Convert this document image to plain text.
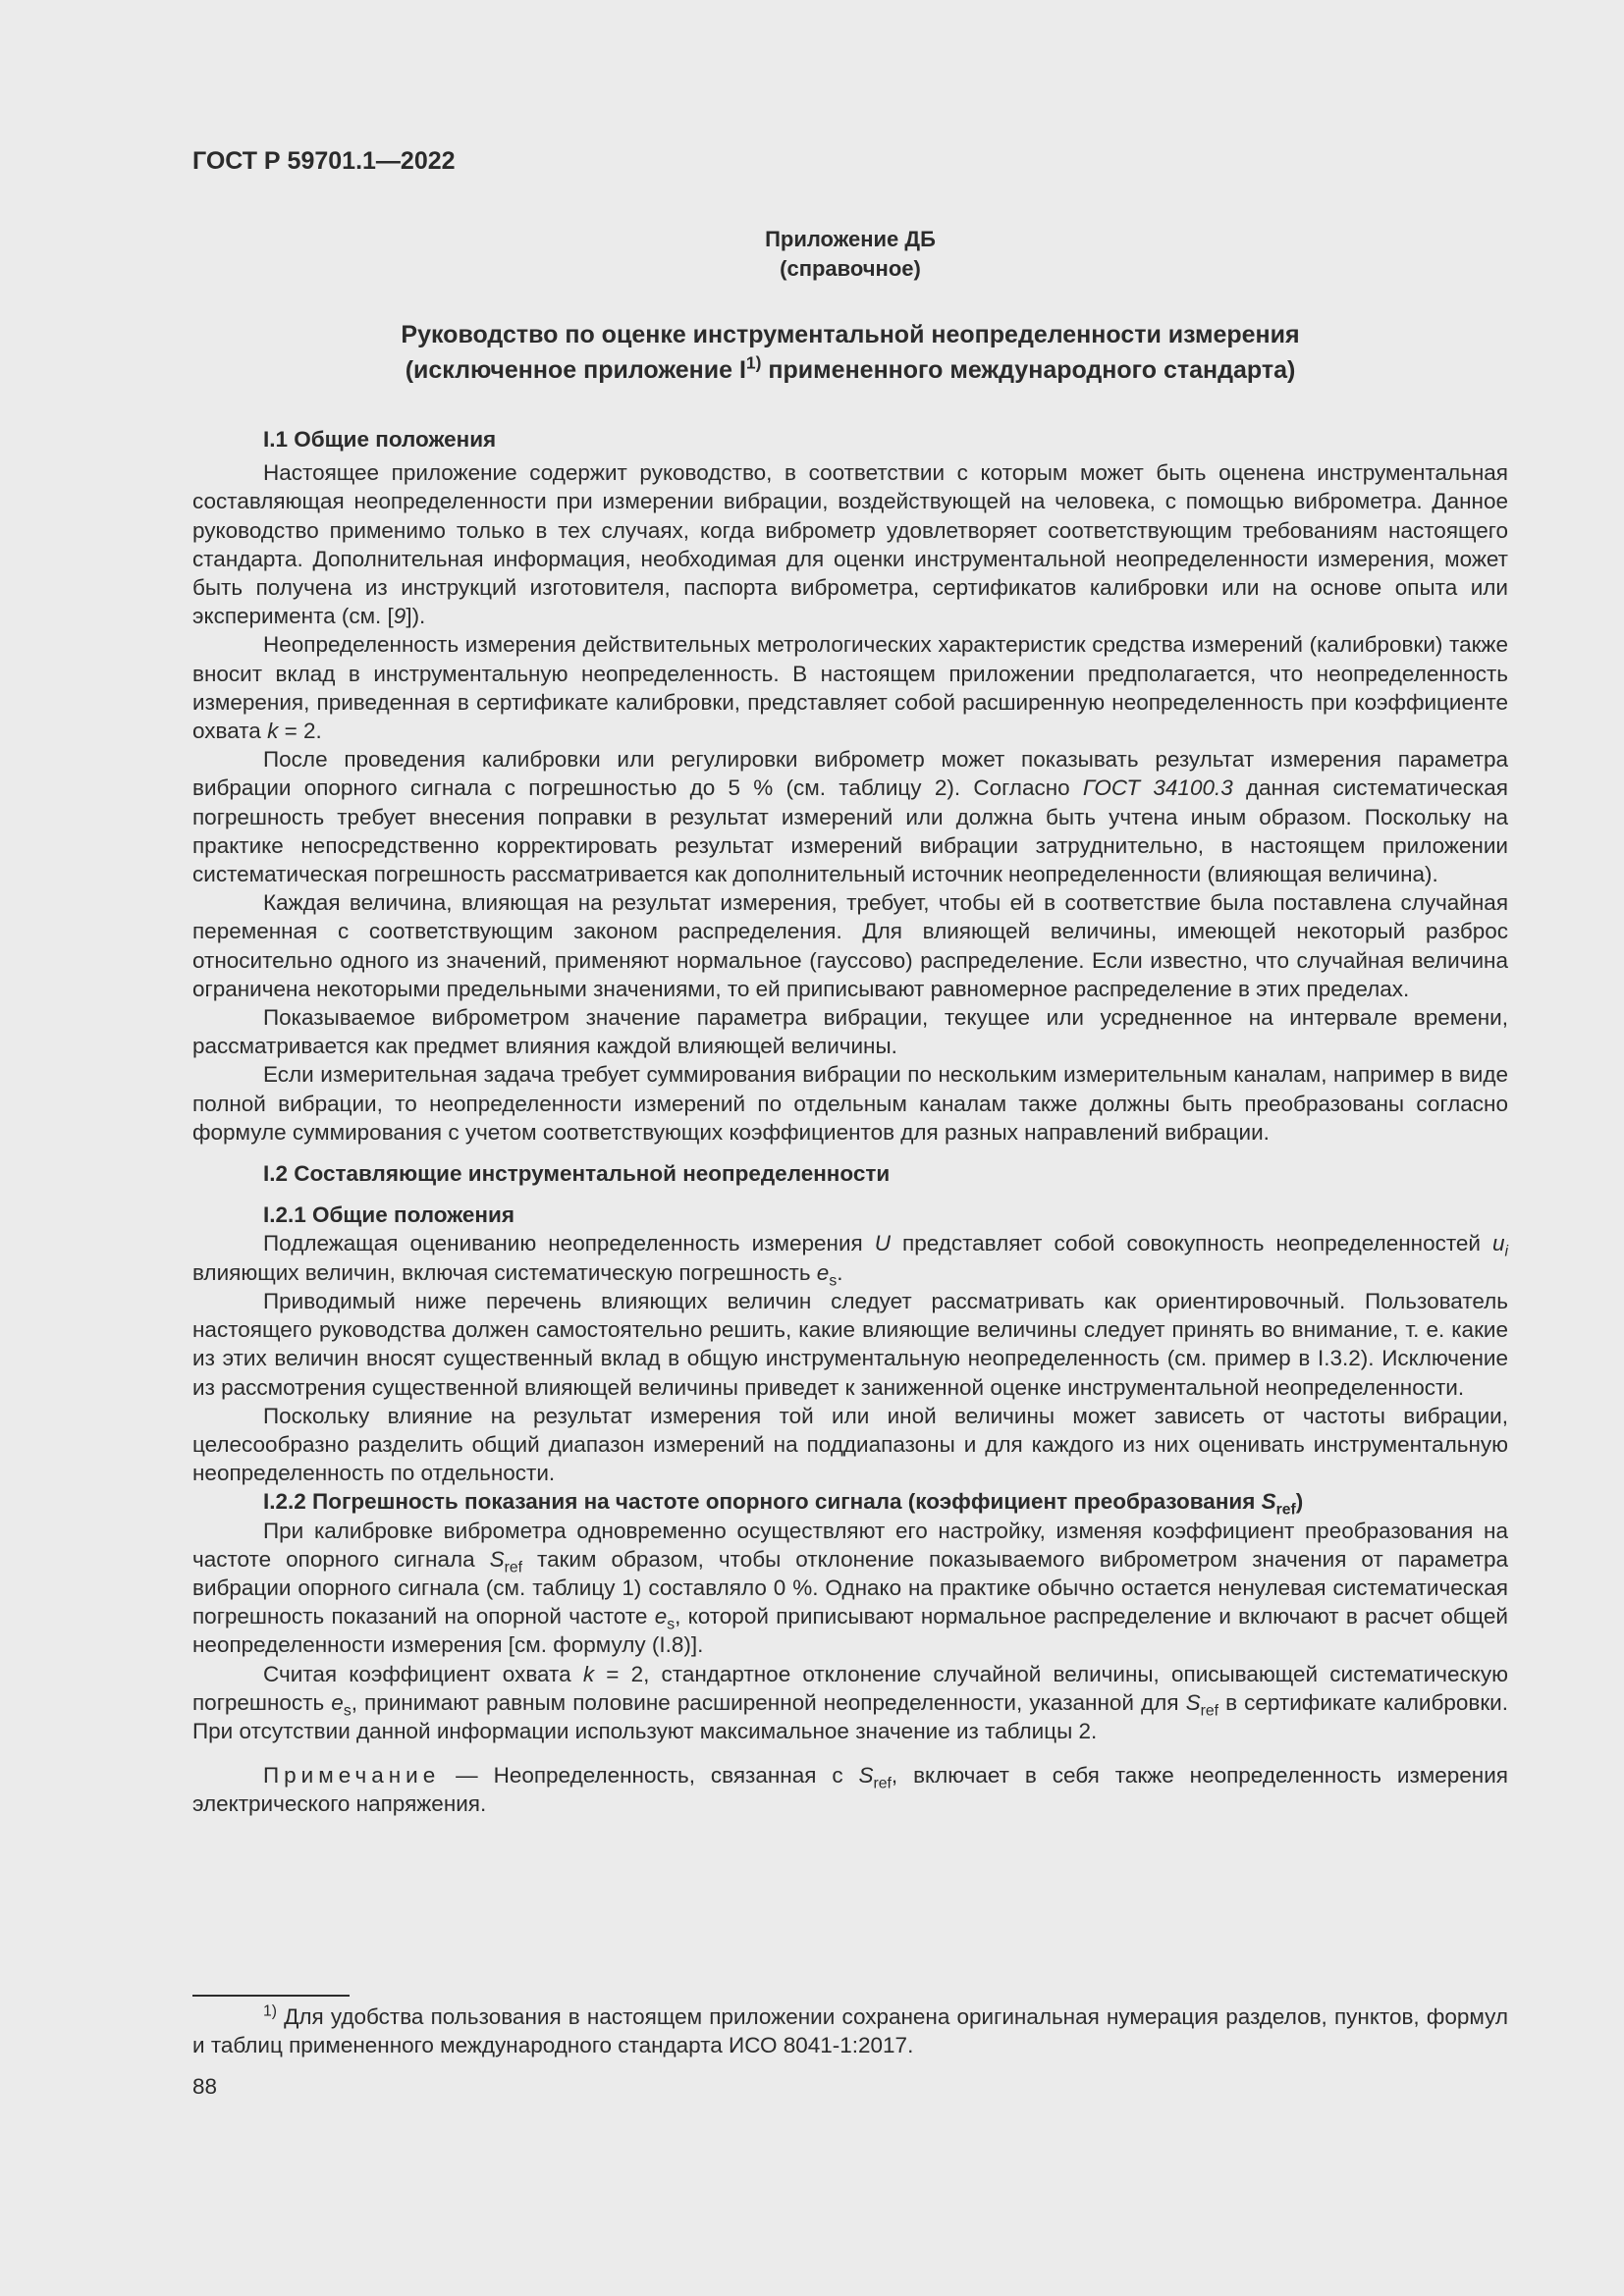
ГОСТ Р 59701.1—2022
Приложение ДБ
(справочное)
Руководство по оценке инструментальной неопределенности измерения
(исключенное приложение $I^{1)}$ примененного международного стандарта)
I.1 Общие положения

Настоящее приложение содержит руководство, в соответствии с которым может быть оценена инструментальная составляющая неопределенности при измерении вибрации, воздействующей на человека, с помощью виброметра. Данное руководство применимо только в тех случаях, когда виброметр удовлетворяет соответствующим требованиям настоящего стандарта. Дополнительная информация, необходимая для оценки инструментальной неопределенности измерения, может быть получена из инструкций изготовителя, паспорта виброметра, сертификатов калибровки или на основе опыта или эксперимента (см. [9]).

Неопределенность измерения действительных метрологических характеристик средства измерений (калибровки) также вносит вклад в инструментальную неопределенность. В настоящем приложении предполагается, что неопределенность измерения, приведенная в сертификате калибровки, представляет собой расширенную неопределенность при коэффициенте охвата k = 2.

После проведения калибровки или регулировки виброметр может показывать результат измерения параметра вибрации опорного сигнала с погрешностью до 5 % (см. таблицу 2). Согласно ГОСТ 34100.3 данная систематическая погрешность требует внесения поправки в результат измерений или должна быть учтена иным образом. Поскольку на практике непосредственно корректировать результат измерений вибрации затруднительно, в настоящем приложении систематическая погрешность рассматривается как дополнительный источник неопределенности (влияющая величина).

Каждая величина, влияющая на результат измерения, требует, чтобы ей в соответствие была поставлена случайная переменная с соответствующим законом распределения. Для влияющей величины, имеющей некоторый разброс относительно одного из значений, применяют нормальное (гауссово) распределение. Если известно, что случайная величина ограничена некоторыми предельными значениями, то ей приписывают равномерное распределение в этих пределах.

Показываемое виброметром значение параметра вибрации, текущее или усредненное на интервале времени, рассматривается как предмет влияния каждой влияющей величины.

Если измерительная задача требует суммирования вибрации по нескольким измерительным каналам, например в виде полной вибрации, то неопределенности измерений по отдельным каналам также должны быть преобразованы согласно формуле суммирования с учетом соответствующих коэффициентов для разных направлений вибрации.

I.2 Составляющие инструментальной неопределенности
I.2.1 Общие положения

Подлежащая оцениванию неопределенность измерения U представляет собой совокупность неопределенностей $u_i$ влияющих величин, включая систематическую погрешность $e_s$.

Приводимый ниже перечень влияющих величин следует рассматривать как ориентировочный. Пользователь настоящего руководства должен самостоятельно решить, какие влияющие величины следует принять во внимание, т. е. какие из этих величин вносят существенный вклад в общую инструментальную неопределенность (см. пример в I.3.2). Исключение из рассмотрения существенной влияющей величины приведет к заниженной оценке инструментальной неопределенности.

Поскольку влияние на результат измерения той или иной величины может зависеть от частоты вибрации, целесообразно разделить общий диапазон измерений на поддиапазоны и для каждого из них оценивать инструментальную неопределенность по отдельности.

I.2.2 Погрешность показания на частоте опорного сигнала (коэффициент преобразования $S_{ref}$)

При калибровке виброметра одновременно осуществляют его настройку, изменяя коэффициент преобразования на частоте опорного сигнала $S_{ref}$ таким образом, чтобы отклонение показываемого виброметром значения от параметра вибрации опорного сигнала (см. таблицу 1) составляло 0 %. Однако на практике обычно остается ненулевая систематическая погрешность показаний на опорной частоте $e_s$, которой приписывают нормальное распределение и включают в расчет общей неопределенности измерения [см. формулу (I.8)].

Считая коэффициент охвата k = 2, стандартное отклонение случайной величины, описывающей систематическую погрешность $e_s$, принимают равным половине расширенной неопределенности, указанной для $S_{ref}$ в сертификате калибровки. При отсутствии данной информации используют максимальное значение из таблицы 2.

Примечание — Неопределенность, связанная с $S_{ref}$, включает в себя также неопределенность измерения электрического напряжения.

$^{1)}$ Для удобства пользования в настоящем приложении сохранена оригинальная нумерация разделов, пунктов, формул и таблиц примененного международного стандарта ИСО 8041-1:2017.
88
